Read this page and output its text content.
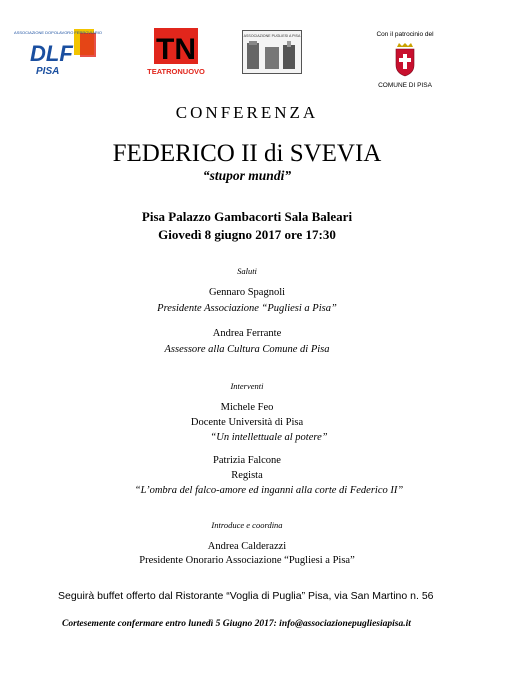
ASSOCIAZIONE DOPOLAVORO FERROVIARIO
DLF
PISA
TN
TEATRONUOVO
ASSOCIAZIONE PUGLIESI A PISA	Con il patrocinio del
COMUNE DI PISA
CONFERENZA
FEDERICO II di SVEVIA
“stupor mundi”
Pisa Palazzo Gambacorti Sala Baleari
Giovedì 8 giugno 2017 ore 17:30
Saluti
Gennaro Spagnoli
Presidente Associazione “Pugliesi a Pisa”
Andrea Ferrante
Assessore alla Cultura Comune di Pisa
Interventi
Michele Feo
Docente Università di Pisa
“Un intellettuale al potere”
Patrizia Falcone
Regista
“L’ombra del falco-amore ed inganni alla corte di Federico II”
Introduce e coordina
Andrea Calderazzi
Presidente Onorario Associazione “Pugliesi a Pisa”
Seguirà buffet offerto dal Ristorante “Voglia di Puglia” Pisa, via San Martino n. 56
Cortesemente confermare entro lunedì 5 Giugno 2017: info@associazionepugliesiapisa.it
